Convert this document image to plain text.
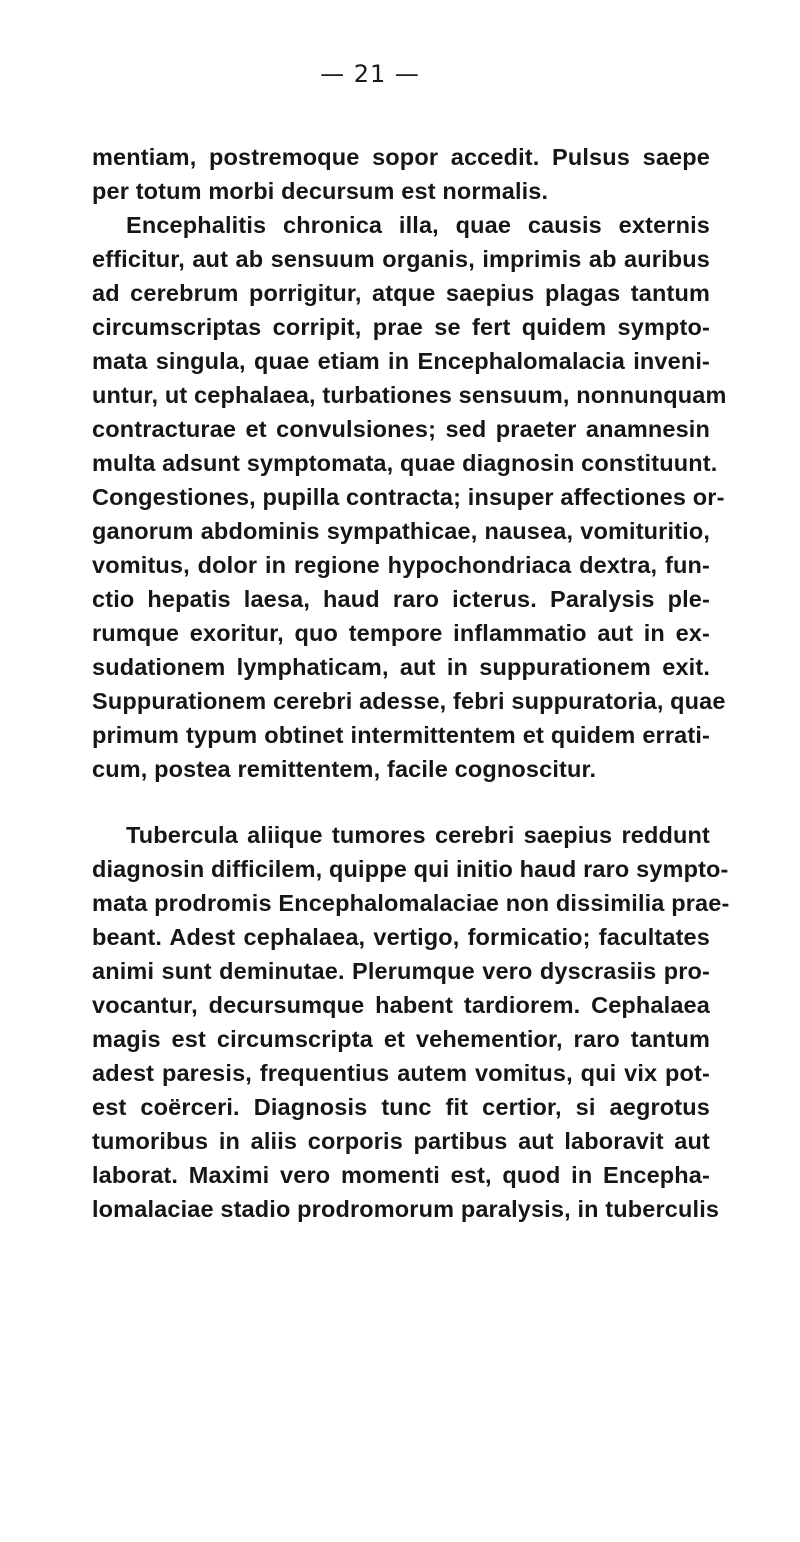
— 21 —
mentiam, postremoque sopor accedit. Pulsus saepe
per totum morbi decursum est normalis.
Encephalitis chronica illa, quae causis externis
efficitur, aut ab sensuum organis, imprimis ab auribus
ad cerebrum porrigitur, atque saepius plagas tantum
circumscriptas corripit, prae se fert quidem sympto-
mata singula, quae etiam in Encephalomalacia inveni-
untur, ut cephalaea, turbationes sensuum, nonnunquam
contracturae et convulsiones; sed praeter anamnesin
multa adsunt symptomata, quae diagnosin constituunt.
Congestiones, pupilla contracta; insuper affectiones or-
ganorum abdominis sympathicae, nausea, vomituritio,
vomitus, dolor in regione hypochondriaca dextra, fun-
ctio hepatis laesa, haud raro icterus. Paralysis ple-
rumque exoritur, quo tempore inflammatio aut in ex-
sudationem lymphaticam, aut in suppurationem exit.
Suppurationem cerebri adesse, febri suppuratoria, quae
primum typum obtinet intermittentem et quidem errati-
cum, postea remittentem, facile cognoscitur.
Tubercula aliique tumores cerebri saepius reddunt
diagnosin difficilem, quippe qui initio haud raro sympto-
mata prodromis Encephalomalaciae non dissimilia prae-
beant. Adest cephalaea, vertigo, formicatio; facultates
animi sunt deminutae. Plerumque vero dyscrasiis pro-
vocantur, decursumque habent tardiorem. Cephalaea
magis est circumscripta et vehementior, raro tantum
adest paresis, frequentius autem vomitus, qui vix pot-
est coërceri. Diagnosis tunc fit certior, si aegrotus
tumoribus in aliis corporis partibus aut laboravit aut
laborat. Maximi vero momenti est, quod in Encepha-
lomalaciae stadio prodromorum paralysis, in tuberculis
